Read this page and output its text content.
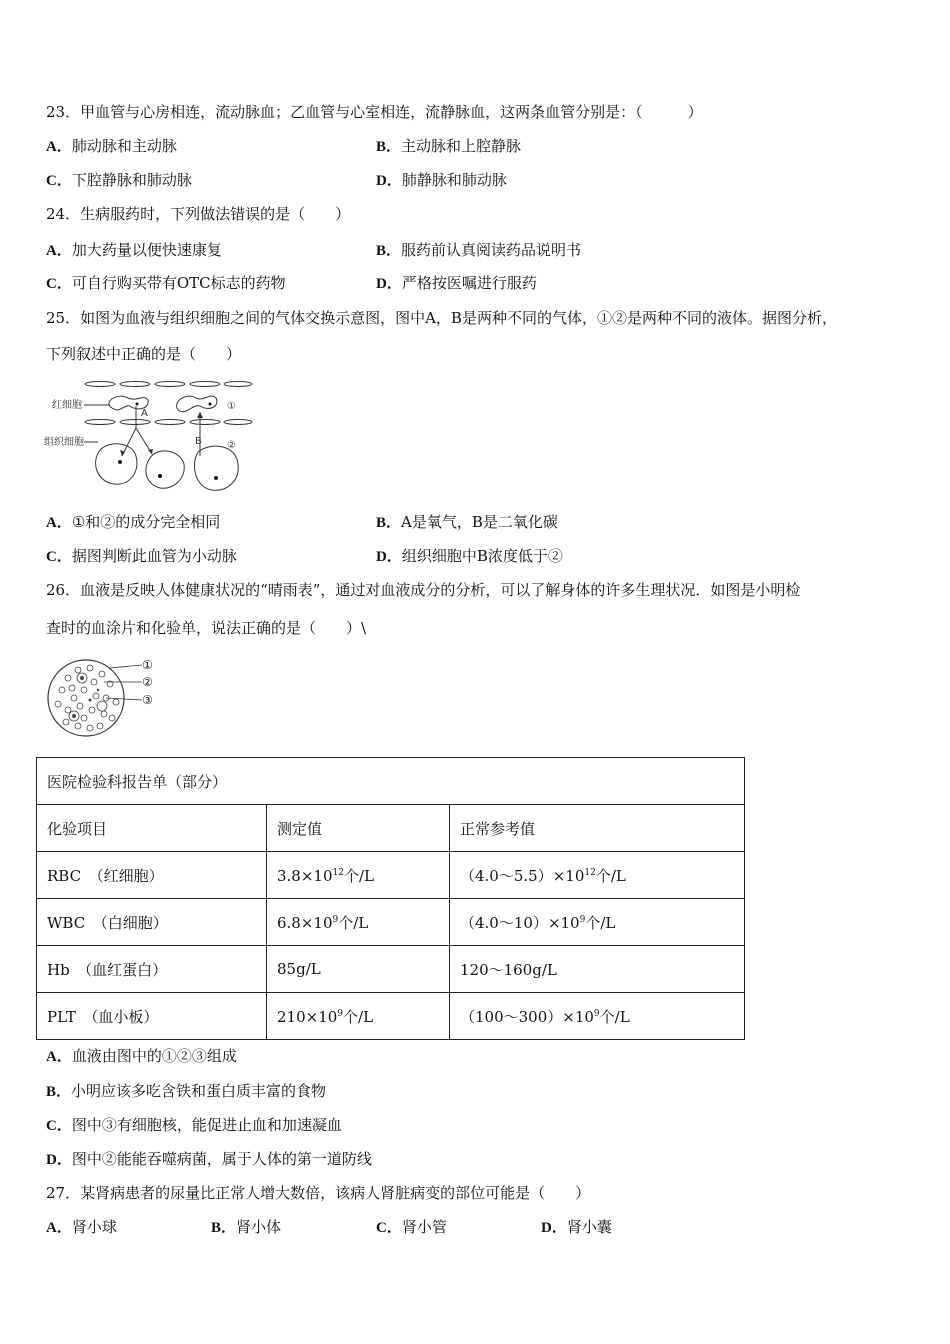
23．甲血管与心房相连，流动脉血；乙血管与心室相连，流静脉血，这两条血管分别是：（　　　）
A．肺动脉和主动脉	B．主动脉和上腔静脉
C．下腔静脉和肺动脉	D．肺静脉和肺动脉
24．生病服药时，下列做法错误的是（　　）
A．加大药量以便快速康复	B．服药前认真阅读药品说明书
C．可自行购买带有OTC标志的药物	D．严格按医嘱进行服药
25．如图为血液与组织细胞之间的气体交换示意图，图中A，B是两种不同的气体，①②是两种不同的液体。据图分析，
下列叙述中正确的是（　　）
红细胞
组织细胞
A
B
①
②
A．①和②的成分完全相同	B．A是氧气，B是二氧化碳
C．据图判断此血管为小动脉	D．组织细胞中B浓度低于②
26．血液是反映人体健康状况的“晴雨表”，通过对血液成分的分析，可以了解身体的许多生理状况．如图是小明检
查时的血涂片和化验单，说法正确的是（　　）\
①
②
③
医院检验科报告单（部分）		
化验项目	测定值	正常参考值
RBC　（红细胞）	$3.8\times 10^{12}$个/L	$(4.0\sim 5.5)\times 10^{12}$个/L
WBC　（白细胞）	$6.8\times 10^9$个/L	$(4.0\sim 10)\times 10^9$个/L
Hb　（血红蛋白）	85g/L	120～160g/L
PLT　（血小板）	$210\times 10^9$个/L	$(100\sim 300)\times 10^9$个/L
A．血液由图中的①②③组成
B．小明应该多吃含铁和蛋白质丰富的食物
C．图中③有细胞核，能促进止血和加速凝血
D．图中②能能吞噬病菌，属于人体的第一道防线
27．某肾病患者的尿量比正常人增大数倍，该病人肾脏病变的部位可能是（　　）
A．肾小球	B．肾小体	C．肾小管	D．肾小囊
